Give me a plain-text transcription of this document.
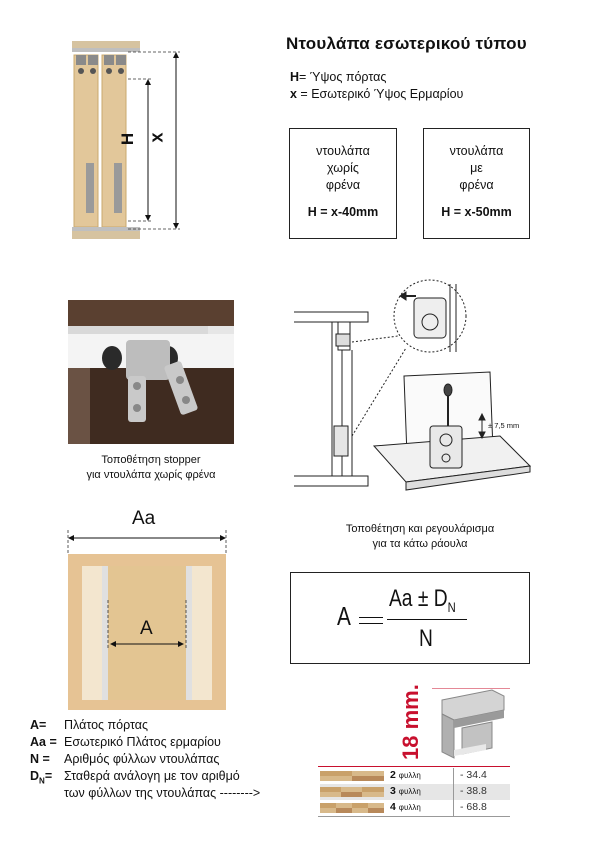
Ντουλάπα εσωτερικού τύπου
H= Ύψος πόρτας
x = Εσωτερικό Ύψος Ερμαρίου
ντουλάπα
χωρίς
φρένα
H = x-40mm
ντουλάπα
με
φρένα
H = x-50mm
H x
Τοποθέτηση stopper
για ντουλάπα χωρίς φρένα
± 7,5 mm
Τοποθέτηση και ρεγουλάρισμα
για τα κάτω ράουλα
Aa
A	A
$Aa \pm D_N$
N
A= Πλάτος πόρτας
Aa = Εσωτερικό Πλάτος ερμαρίου
N = Αριθμός φύλλων ντουλάπας
$D_N= \Sigma\tau\alpha\theta\varepsilon\rho ά$ ανάλογη με τον αριθμό
των φύλλων της ντουλάπας -------->
18 mm.
2 φυλλη	- 34.4
3 φυλλη	- 38.8
4 φυλλη	- 68.8
